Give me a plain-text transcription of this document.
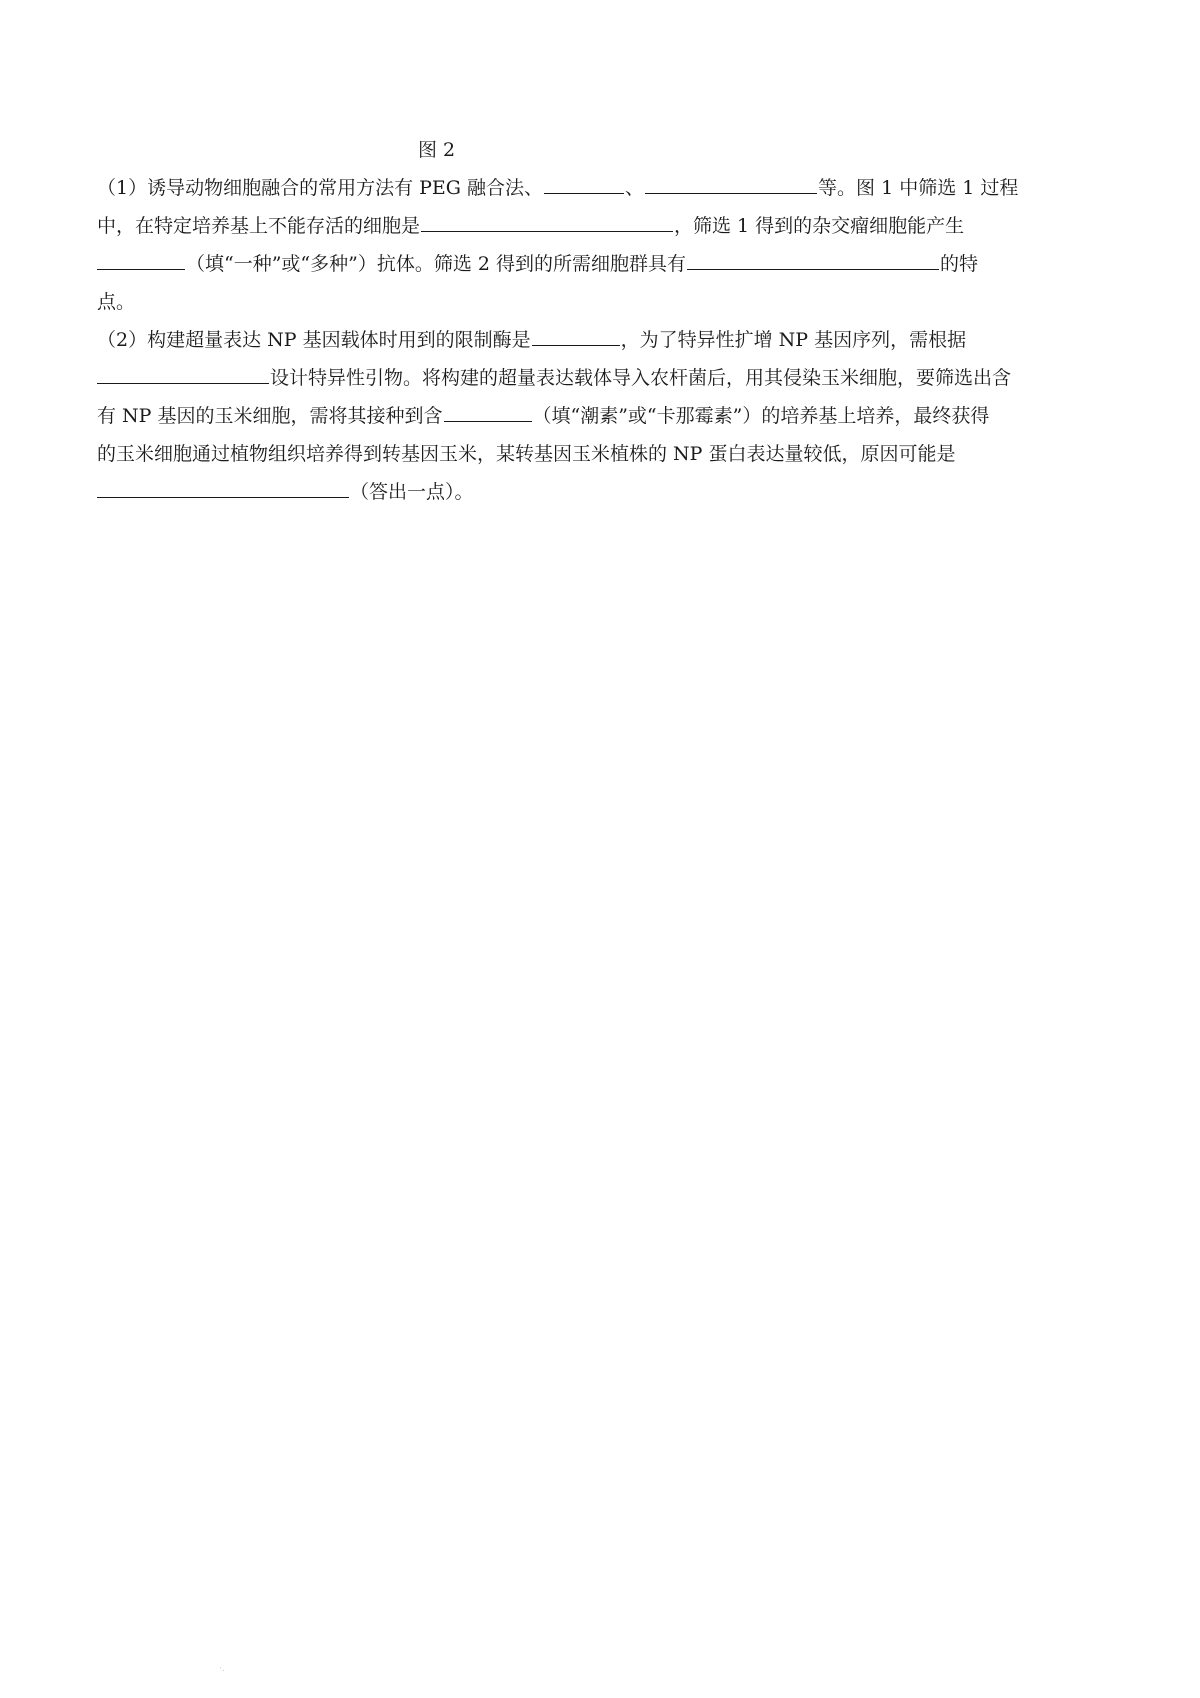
图 2
（1）诱导动物细胞融合的常用方法有 PEG 融合法、	、	等。图 1 中筛选 1 过程
中，在特定培养基上不能存活的细胞是	，筛选 1 得到的杂交瘤细胞能产生
（填“一种”或“多种”）抗体。筛选 2 得到的所需细胞群具有	的特
点。
（2）构建超量表达 NP 基因载体时用到的限制酶是	，为了特异性扩增 NP 基因序列，需根据
设计特异性引物。将构建的超量表达载体导入农杆菌后，用其侵染玉米细胞，要筛选出含
有 NP 基因的玉米细胞，需将其接种到含	（填“潮素”或“卡那霉素”）的培养基上培养，最终获得
的玉米细胞通过植物组织培养得到转基因玉米，某转基因玉米植株的 NP 蛋白表达量较低，原因可能是
（答出一点）。
·.
